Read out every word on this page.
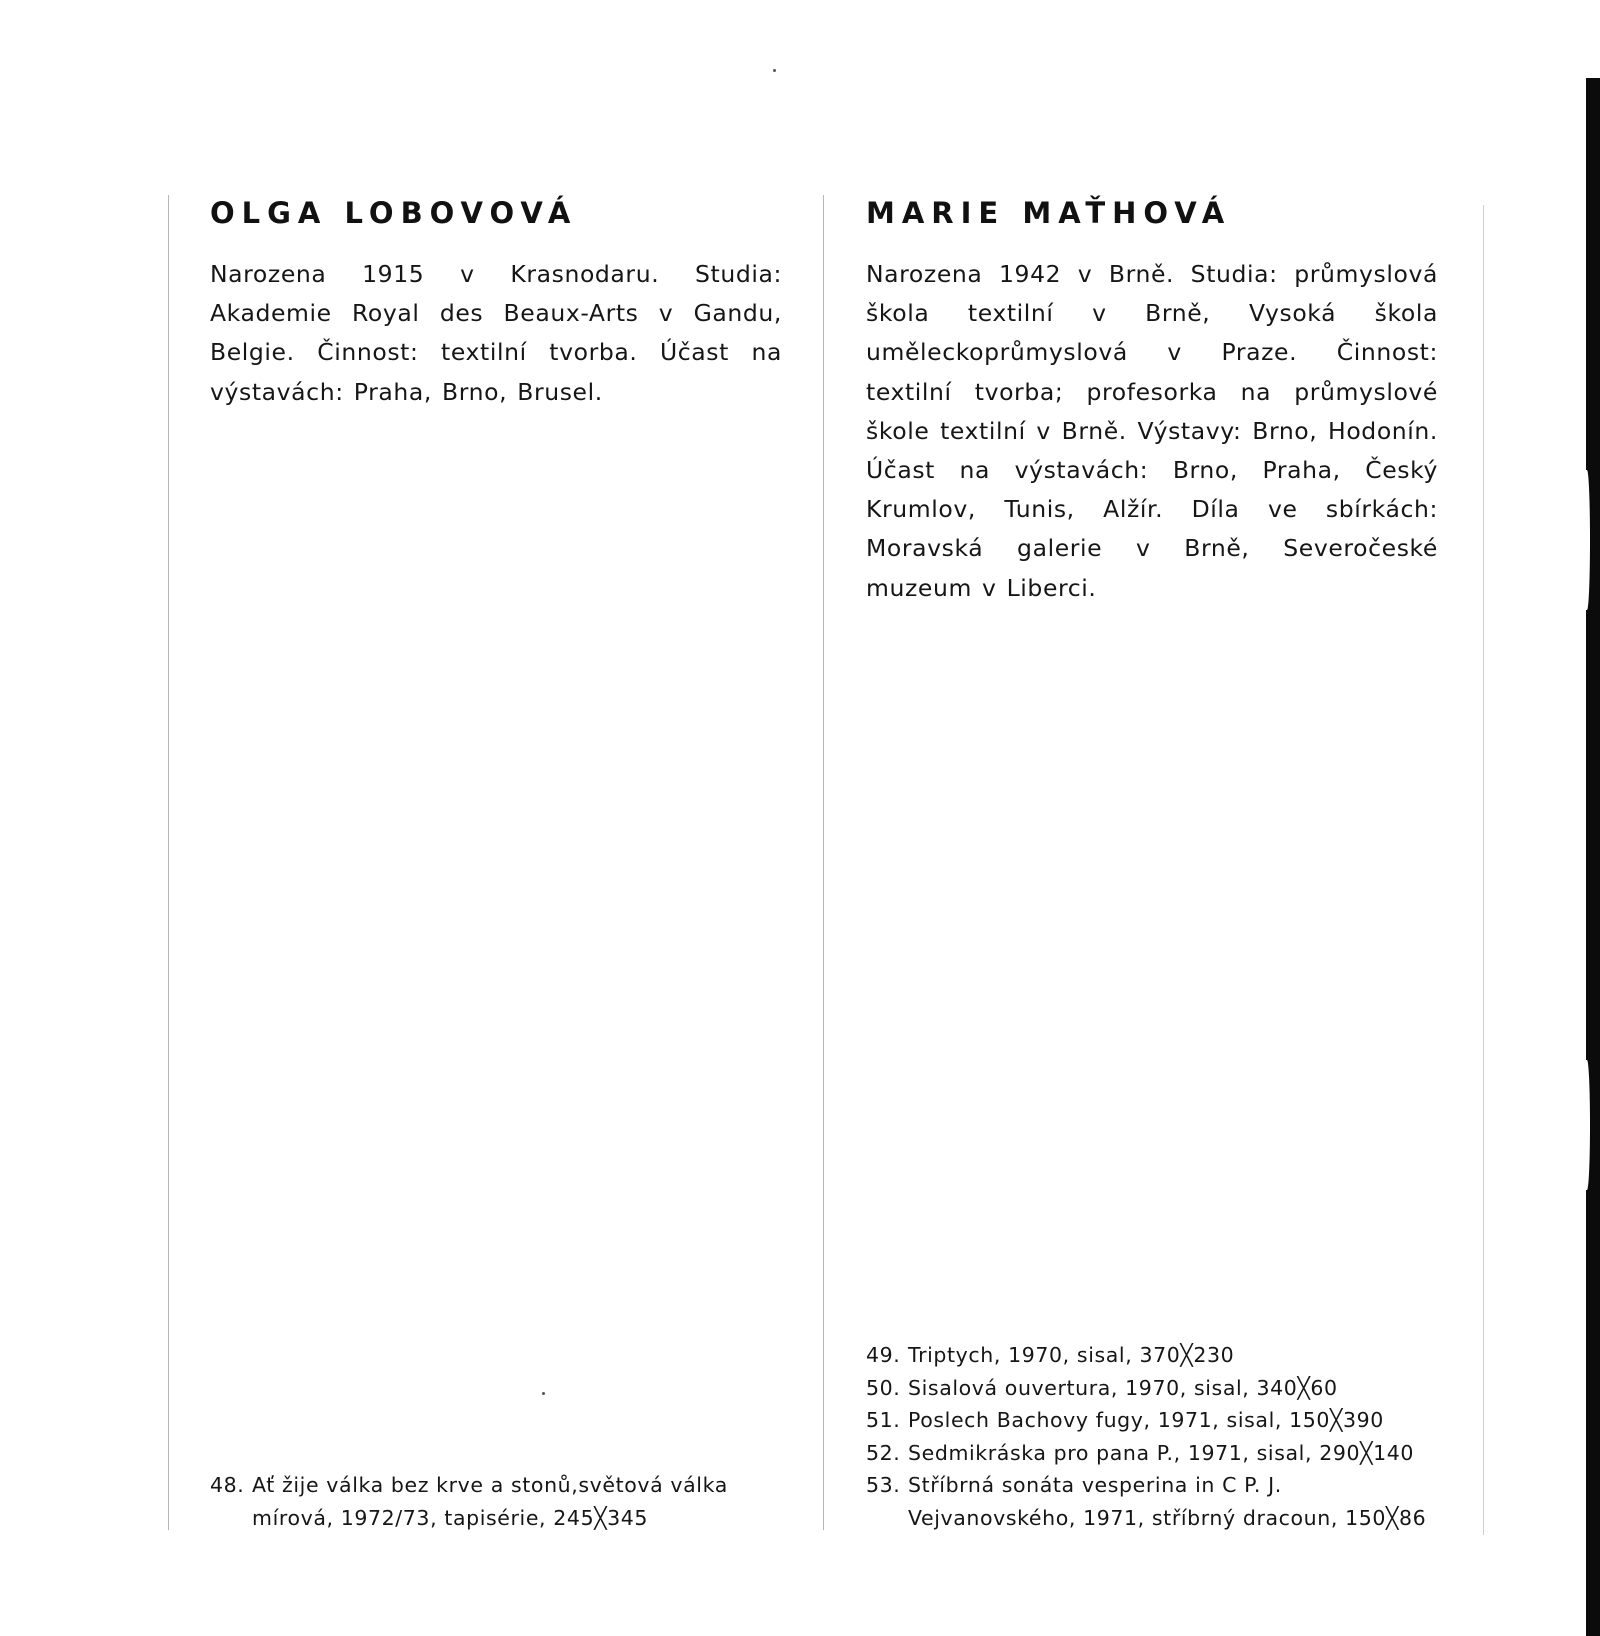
OLGA LOBOVOVÁ

Narozena 1915 v Krasnodaru. Studia: Akademie Royal des Beaux-Arts v Gandu, Belgie. Činnost: textilní tvorba. Účast na výstavách: Praha, Brno, Brusel.

48. Ať žije válka bez krve a stonů,světová válka mírová, 1972/73, tapisérie, 245╳345
MARIE MAŤHOVÁ

Narozena 1942 v Brně. Studia: průmyslová škola textilní v Brně, Vysoká škola uměleckoprůmyslová v Praze. Činnost: textilní tvorba; profesorka na průmyslové škole textilní v Brně. Výstavy: Brno, Hodonín. Účast na výstavách: Brno, Praha, Český Krumlov, Tunis, Alžír. Díla ve sbírkách: Moravská galerie v Brně, Severočeské muzeum v Liberci.

49. Triptych, 1970, sisal, 370╳230
50. Sisalová ouvertura, 1970, sisal, 340╳60
51. Poslech Bachovy fugy, 1971, sisal, 150╳390
52. Sedmikráska pro pana P., 1971, sisal, 290╳140
53. Stříbrná sonáta vesperina in C P. J. Vejvanovského, 1971, stříbrný dracoun, 150╳86
